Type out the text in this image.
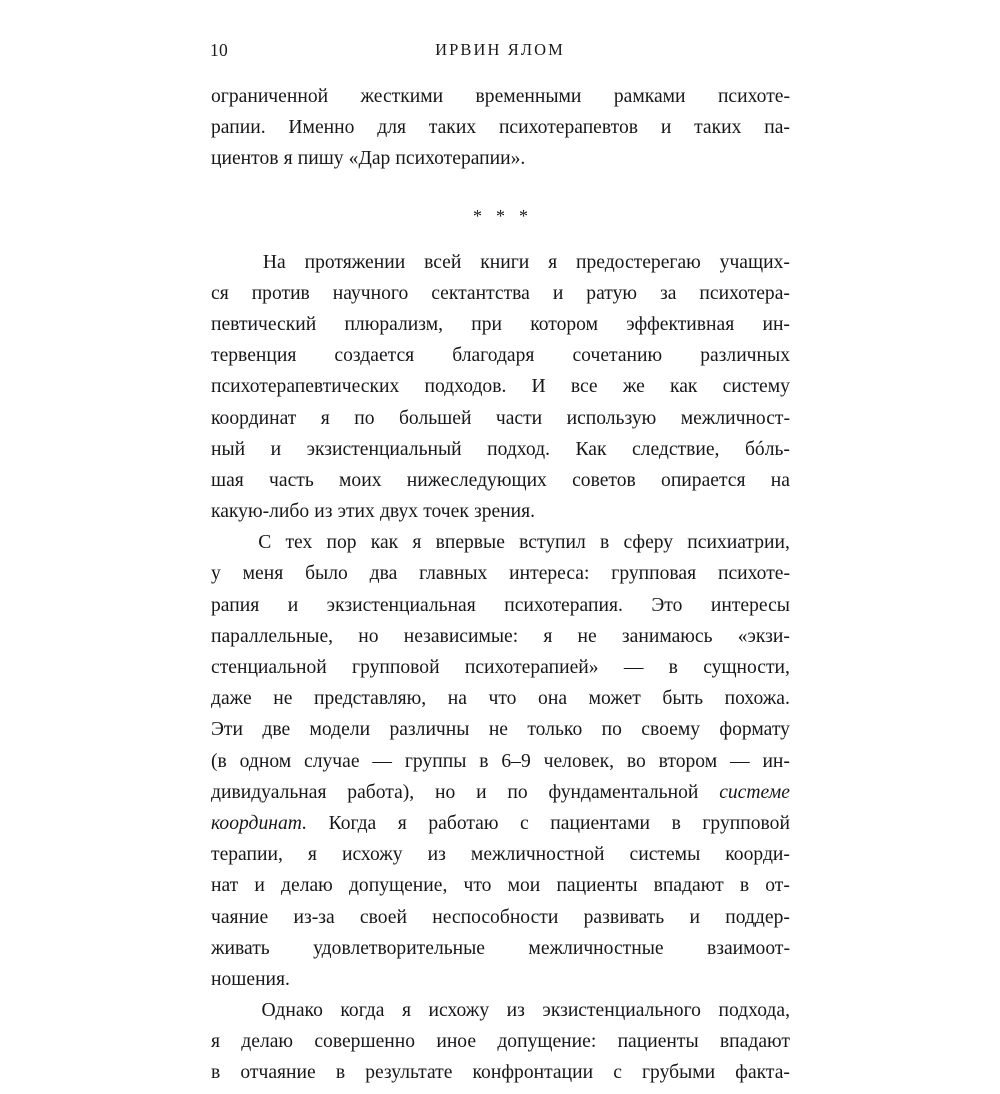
10	ИРВИН ЯЛОМ
ограниченной жесткими временными рамками психоте-
рапии. Именно для таких психотерапевтов и таких па-
циентов я пишу «Дар психотерапии».
***
На протяжении всей книги я предостерегаю учащих-
ся против научного сектантства и ратую за психотера-
певтический плюрализм, при котором эффективная ин-
тервенция создается благодаря сочетанию различных
психотерапевтических подходов. И все же как систему
координат я по большей части использую межличност-
ный и экзистенциальный подход. Как следствие, бóль-
шая часть моих нижеследующих советов опирается на
какую-либо из этих двух точек зрения.
С тех пор как я впервые вступил в сферу психиатрии,
у меня было два главных интереса: групповая психоте-
рапия и экзистенциальная психотерапия. Это интересы
параллельные, но независимые: я не занимаюсь «экзи-
стенциальной групповой психотерапией» — в сущности,
даже не представляю, на что она может быть похожа.
Эти две модели различны не только по своему формату
(в одном случае — группы в 6–9 человек, во втором — ин-
дивидуальная работа), но и по фундаментальной системе
координат. Когда я работаю с пациентами в групповой
терапии, я исхожу из межличностной системы коорди-
нат и делаю допущение, что мои пациенты впадают в от-
чаяние из-за своей неспособности развивать и поддер-
живать удовлетворительные межличностные взаимоот-
ношения.
Однако когда я исхожу из экзистенциального подхода,
я делаю совершенно иное допущение: пациенты впадают
в отчаяние в результате конфронтации с грубыми факта-
